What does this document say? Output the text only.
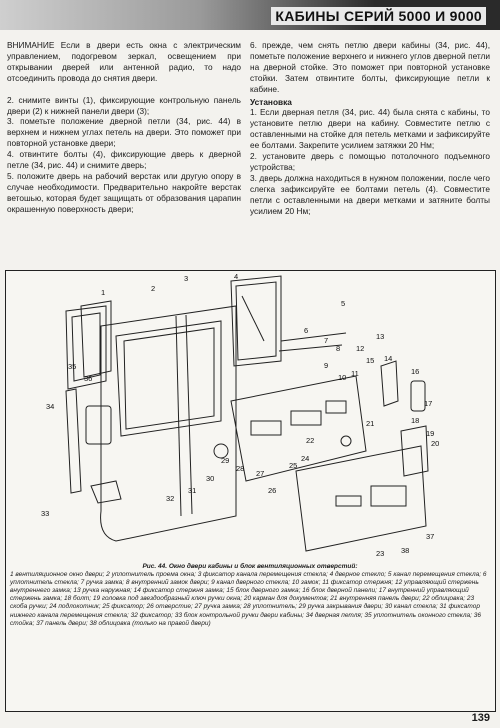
КАБИНЫ СЕРИЙ 5000 И 9000

ВНИМАНИЕ Если в двери есть окна с электрическим управлением, подогревом зеркал, освещением при открывании дверей или антенной радио, то надо отсоединить провода до снятия двери.

2. снимите винты (1), фиксирующие контрольную панель двери (2) к нижней панели двери (3);

3. пометьте положение дверной петли (34, рис. 44) в верхнем и нижнем углах петель на двери. Это поможет при повторной установке двери;

4. отвинтите болты (4), фиксирующие дверь к дверной петле (34, рис. 44) и снимите дверь;

5. положите дверь на рабочий верстак или другую опору в случае необходимости. Предварительно накройте верстак ветошью, которая будет защищать от образования царапин окрашенную поверхность двери;

6. прежде, чем снять петлю двери кабины (34, рис. 44), пометьте положение верхнего и нижнего углов дверной петли на дверной стойке. Это поможет при повторной установке стойки. Затем отвинтите болты, фиксирующие петли к кабине.

Установка

1. Если дверная петля (34, рис. 44) была снята с кабины, то установите петлю двери на кабину. Совместите петлю с оставленными на стойке для петель метками и зафиксируйте ее болтами. Закрепите усилием затяжки 20 Нм;

2. установите дверь с помощью потолочного подъемного устройства;

3. дверь должна находиться в нужном положении, после чего слегка зафиксируйте ее болтами петель (4). Совместите петли с оставленными на двери метками и затяните болты усилием 20 Нм;

1	2
3	4
5
6
7
8
9
10 11
12
13
14
15
16
17
18
19
20
21
22
23
24
25
26
27
28
29
30
31
32
33
34
35
36
37
38
Рис. 44. Окно двери кабины и блок вентиляционных отверстий:
1 вентиляционное окно двери; 2 уплотнитель проема окна; 3 фиксатор канала перемещения стекла; 4 дверное стекло; 5 канал перемещения стекла; 6 уплотнитель стекла; 7 ручка замка; 8 внутренний замок двери; 9 канал дверного стекла; 10 замок; 11 фиксатор стержня; 12 управляющий стержень внутреннего замка; 13 ручка наружная; 14 фиксатор стержня замка; 15 блок дверного замка; 16 блок дверной панели; 17 внутренний управляющий стержень замка; 18 болт; 19 головка под звездообразный ключ ручки окна; 20 карман для документов; 21 внутренняя панель двери; 22 облицовка; 23 скоба ручки; 24 подлокотник; 25 фиксатор; 26 отверстие; 27 ручка замка; 28 уплотнитель; 29 ручка закрывания двери; 30 канал стекла; 31 фиксатор нижнего канала перемещения стекла; 32 фиксатор; 33 блок контрольной ручки двери кабины; 34 дверная петля; 35 уплотнитель оконного стекла; 36 стойка; 37 панель двери; 38 облицовка (только на правой двери)
139
